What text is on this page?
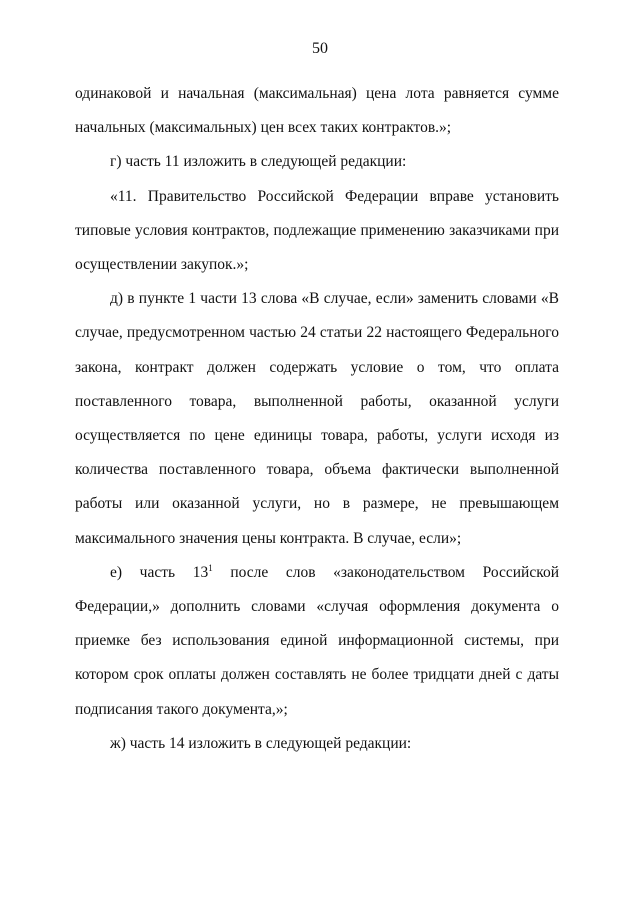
50

одинаковой и начальная (максимальная) цена лота равняется сумме начальных (максимальных) цен всех таких контрактов.»;

г) часть 11 изложить в следующей редакции:

«11. Правительство Российской Федерации вправе установить типовые условия контрактов, подлежащие применению заказчиками при осуществлении закупок.»;

д) в пункте 1 части 13 слова «В случае, если» заменить словами «В случае, предусмотренном частью 24 статьи 22 настоящего Федерального закона, контракт должен содержать условие о том, что оплата поставленного товара, выполненной работы, оказанной услуги осуществляется по цене единицы товара, работы, услуги исходя из количества поставленного товара, объема фактически выполненной работы или оказанной услуги, но в размере, не превышающем максимального значения цены контракта. В случае, если»;

е) часть $13^1$ после слов «законодательством Российской Федерации,» дополнить словами «случая оформления документа о приемке без использования единой информационной системы, при котором срок оплаты должен составлять не более тридцати дней с даты подписания такого документа,»;

ж) часть 14 изложить в следующей редакции:
